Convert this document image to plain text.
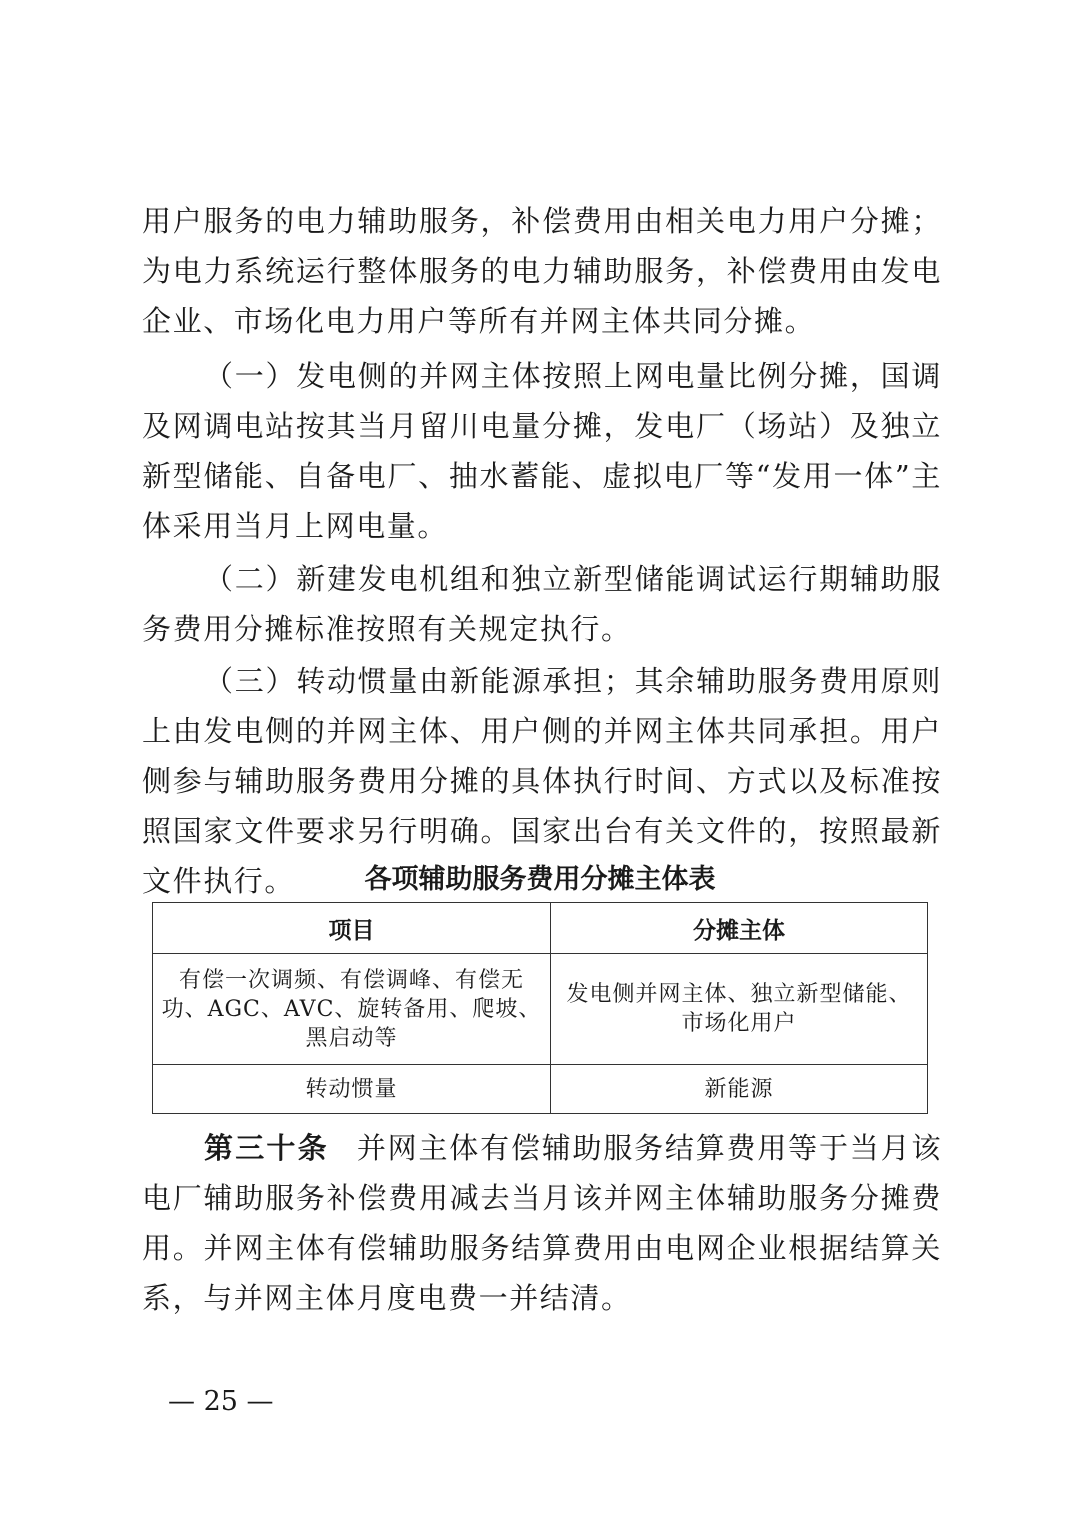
用户服务的电力辅助服务，补偿费用由相关电力用户分摊；为电力系统运行整体服务的电力辅助服务，补偿费用由发电企业、市场化电力用户等所有并网主体共同分摊。

（一）发电侧的并网主体按照上网电量比例分摊，国调及网调电站按其当月留川电量分摊，发电厂（场站）及独立新型储能、自备电厂、抽水蓄能、虚拟电厂等“发用一体”主体采用当月上网电量。

（二）新建发电机组和独立新型储能调试运行期辅助服务费用分摊标准按照有关规定执行。

（三）转动惯量由新能源承担；其余辅助服务费用原则上由发电侧的并网主体、用户侧的并网主体共同承担。用户侧参与辅助服务费用分摊的具体执行时间、方式以及标准按照国家文件要求另行明确。国家出台有关文件的，按照最新文件执行。	各项辅助服务费用分摊主体表

项目	分摊主体
有偿一次调频、有偿调峰、有偿无功、AGC、AVC、旋转备用、爬坡、黑启动等	发电侧并网主体、独立新型储能、市场化用户
转动惯量	新能源

第三十条 并网主体有偿辅助服务结算费用等于当月该电厂辅助服务补偿费用减去当月该并网主体辅助服务分摊费用。并网主体有偿辅助服务结算费用由电网企业根据结算关系，与并网主体月度电费一并结清。

— 25 —
